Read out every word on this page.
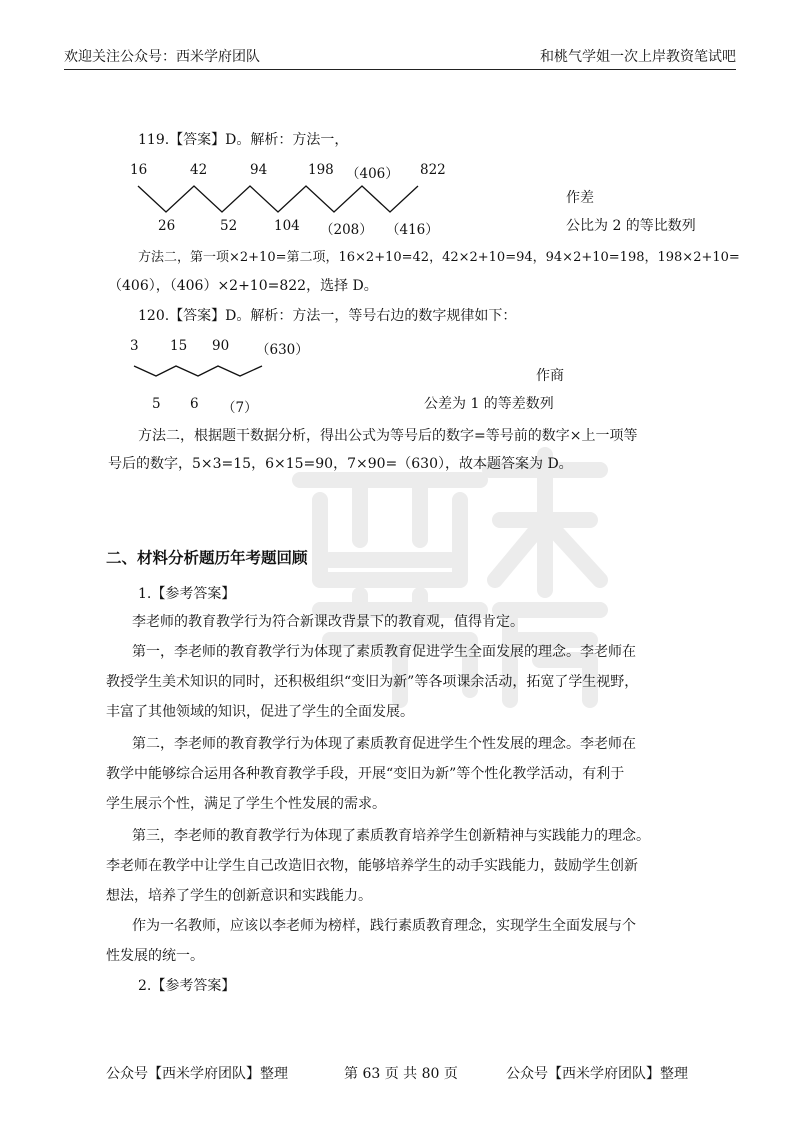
欢迎关注公众号：西米学府团队	和桃气学姐一次上岸教资笔试吧
119.【答案】D。解析：方法一，
16	42	94	198 （406） 822
26	52	104 （208） （416）
作差
公比为 2 的等比数列
方法二，第一项×2+10=第二项，16×2+10=42，42×2+10=94，94×2+10=198，198×2+10=
（406），（406）×2+10=822，选择 D。
120.【答案】D。解析：方法一，等号右边的数字规律如下：
3 15 90 （630）
5 6 （7）
作商
公差为 1 的等差数列
方法二，根据题干数据分析，得出公式为等号后的数字=等号前的数字×上一项等
号后的数字，5×3=15，6×15=90，7×90=（630），故本题答案为 D。
二、材料分析题历年考题回顾
1.【参考答案】
李老师的教育教学行为符合新课改背景下的教育观，值得肯定。
第一，李老师的教育教学行为体现了素质教育促进学生全面发展的理念。李老师在
教授学生美术知识的同时，还积极组织“变旧为新”等各项课余活动，拓宽了学生视野，
丰富了其他领域的知识，促进了学生的全面发展。
第二，李老师的教育教学行为体现了素质教育促进学生个性发展的理念。李老师在
教学中能够综合运用各种教育教学手段，开展“变旧为新”等个性化教学活动，有利于
学生展示个性，满足了学生个性发展的需求。
第三，李老师的教育教学行为体现了素质教育培养学生创新精神与实践能力的理念。
李老师在教学中让学生自己改造旧衣物，能够培养学生的动手实践能力，鼓励学生创新
想法，培养了学生的创新意识和实践能力。
作为一名教师，应该以李老师为榜样，践行素质教育理念，实现学生全面发展与个
性发展的统一。
2.【参考答案】
公众号【西米学府团队】整理	第 63 页 共 80 页	公众号【西米学府团队】整理
